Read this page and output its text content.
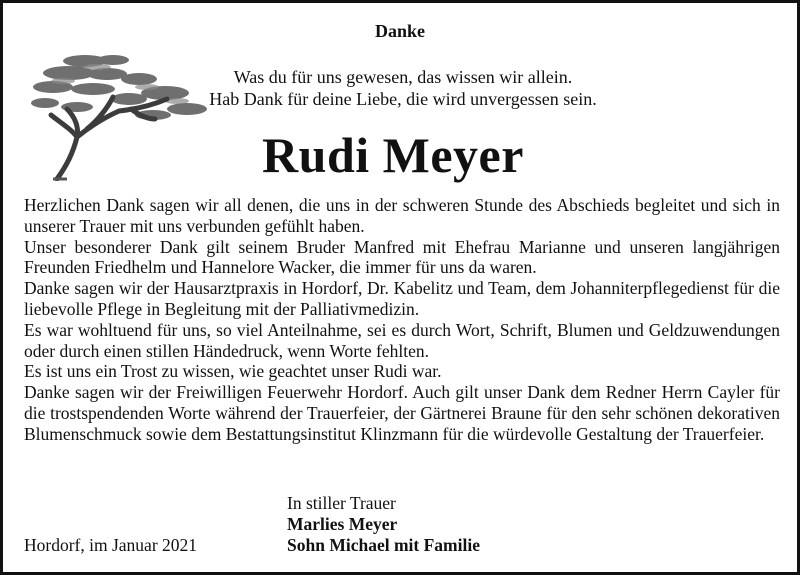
Danke
Was du für uns gewesen, das wissen wir allein.
Hab Dank für deine Liebe, die wird unvergessen sein.
Rudi Meyer
Herzlichen Dank sagen wir all denen, die uns in der schweren Stunde des Abschieds begleitet und sich in unserer Trauer mit uns verbunden gefühlt haben.
Unser besonderer Dank gilt seinem Bruder Manfred mit Ehefrau Marianne und unseren langjährigen Freunden Friedhelm und Hannelore Wacker, die immer für uns da waren.
Danke sagen wir der Hausarztpraxis in Hordorf, Dr. Kabelitz und Team, dem Johanniterpflegedienst für die liebevolle Pflege in Begleitung mit der Palliativmedizin.
Es war wohltuend für uns, so viel Anteilnahme, sei es durch Wort, Schrift, Blumen und Geldzuwendungen oder durch einen stillen Händedruck, wenn Worte fehlten.
Es ist uns ein Trost zu wissen, wie geachtet unser Rudi war.
Danke sagen wir der Freiwilligen Feuerwehr Hordorf. Auch gilt unser Dank dem Redner Herrn Cayler für die trostspendenden Worte während der Trauerfeier, der Gärtnerei Braune für den sehr schönen dekorativen Blumenschmuck sowie dem Bestattungsinstitut Klinzmann für die würdevolle Gestaltung der Trauerfeier.
In stiller Trauer
Marlies Meyer
Sohn Michael mit Familie
Hordorf, im Januar 2021
